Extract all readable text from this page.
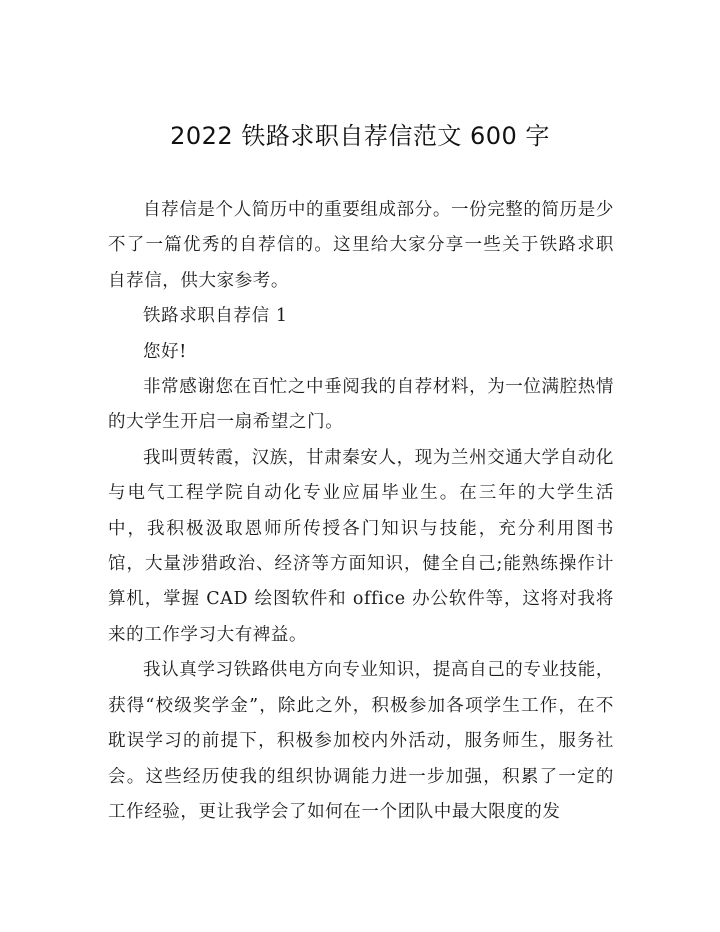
2022 铁路求职自荐信范文 600 字

自荐信是个人简历中的重要组成部分。一份完整的简历是少不了一篇优秀的自荐信的。这里给大家分享一些关于铁路求职自荐信，供大家参考。

铁路求职自荐信 1

您好!

非常感谢您在百忙之中垂阅我的自荐材料，为一位满腔热情的大学生开启一扇希望之门。

我叫贾转霞，汉族，甘肃秦安人，现为兰州交通大学自动化与电气工程学院自动化专业应届毕业生。在三年的大学生活中，我积极汲取恩师所传授各门知识与技能，充分利用图书馆，大量涉猎政治、经济等方面知识，健全自己;能熟练操作计算机，掌握 CAD 绘图软件和 office 办公软件等，这将对我将来的工作学习大有裨益。

我认真学习铁路供电方向专业知识，提高自己的专业技能，获得“校级奖学金”，除此之外，积极参加各项学生工作，在不耽误学习的前提下，积极参加校内外活动，服务师生，服务社会。这些经历使我的组织协调能力进一步加强，积累了一定的工作经验，更让我学会了如何在一个团队中最大限度的发
